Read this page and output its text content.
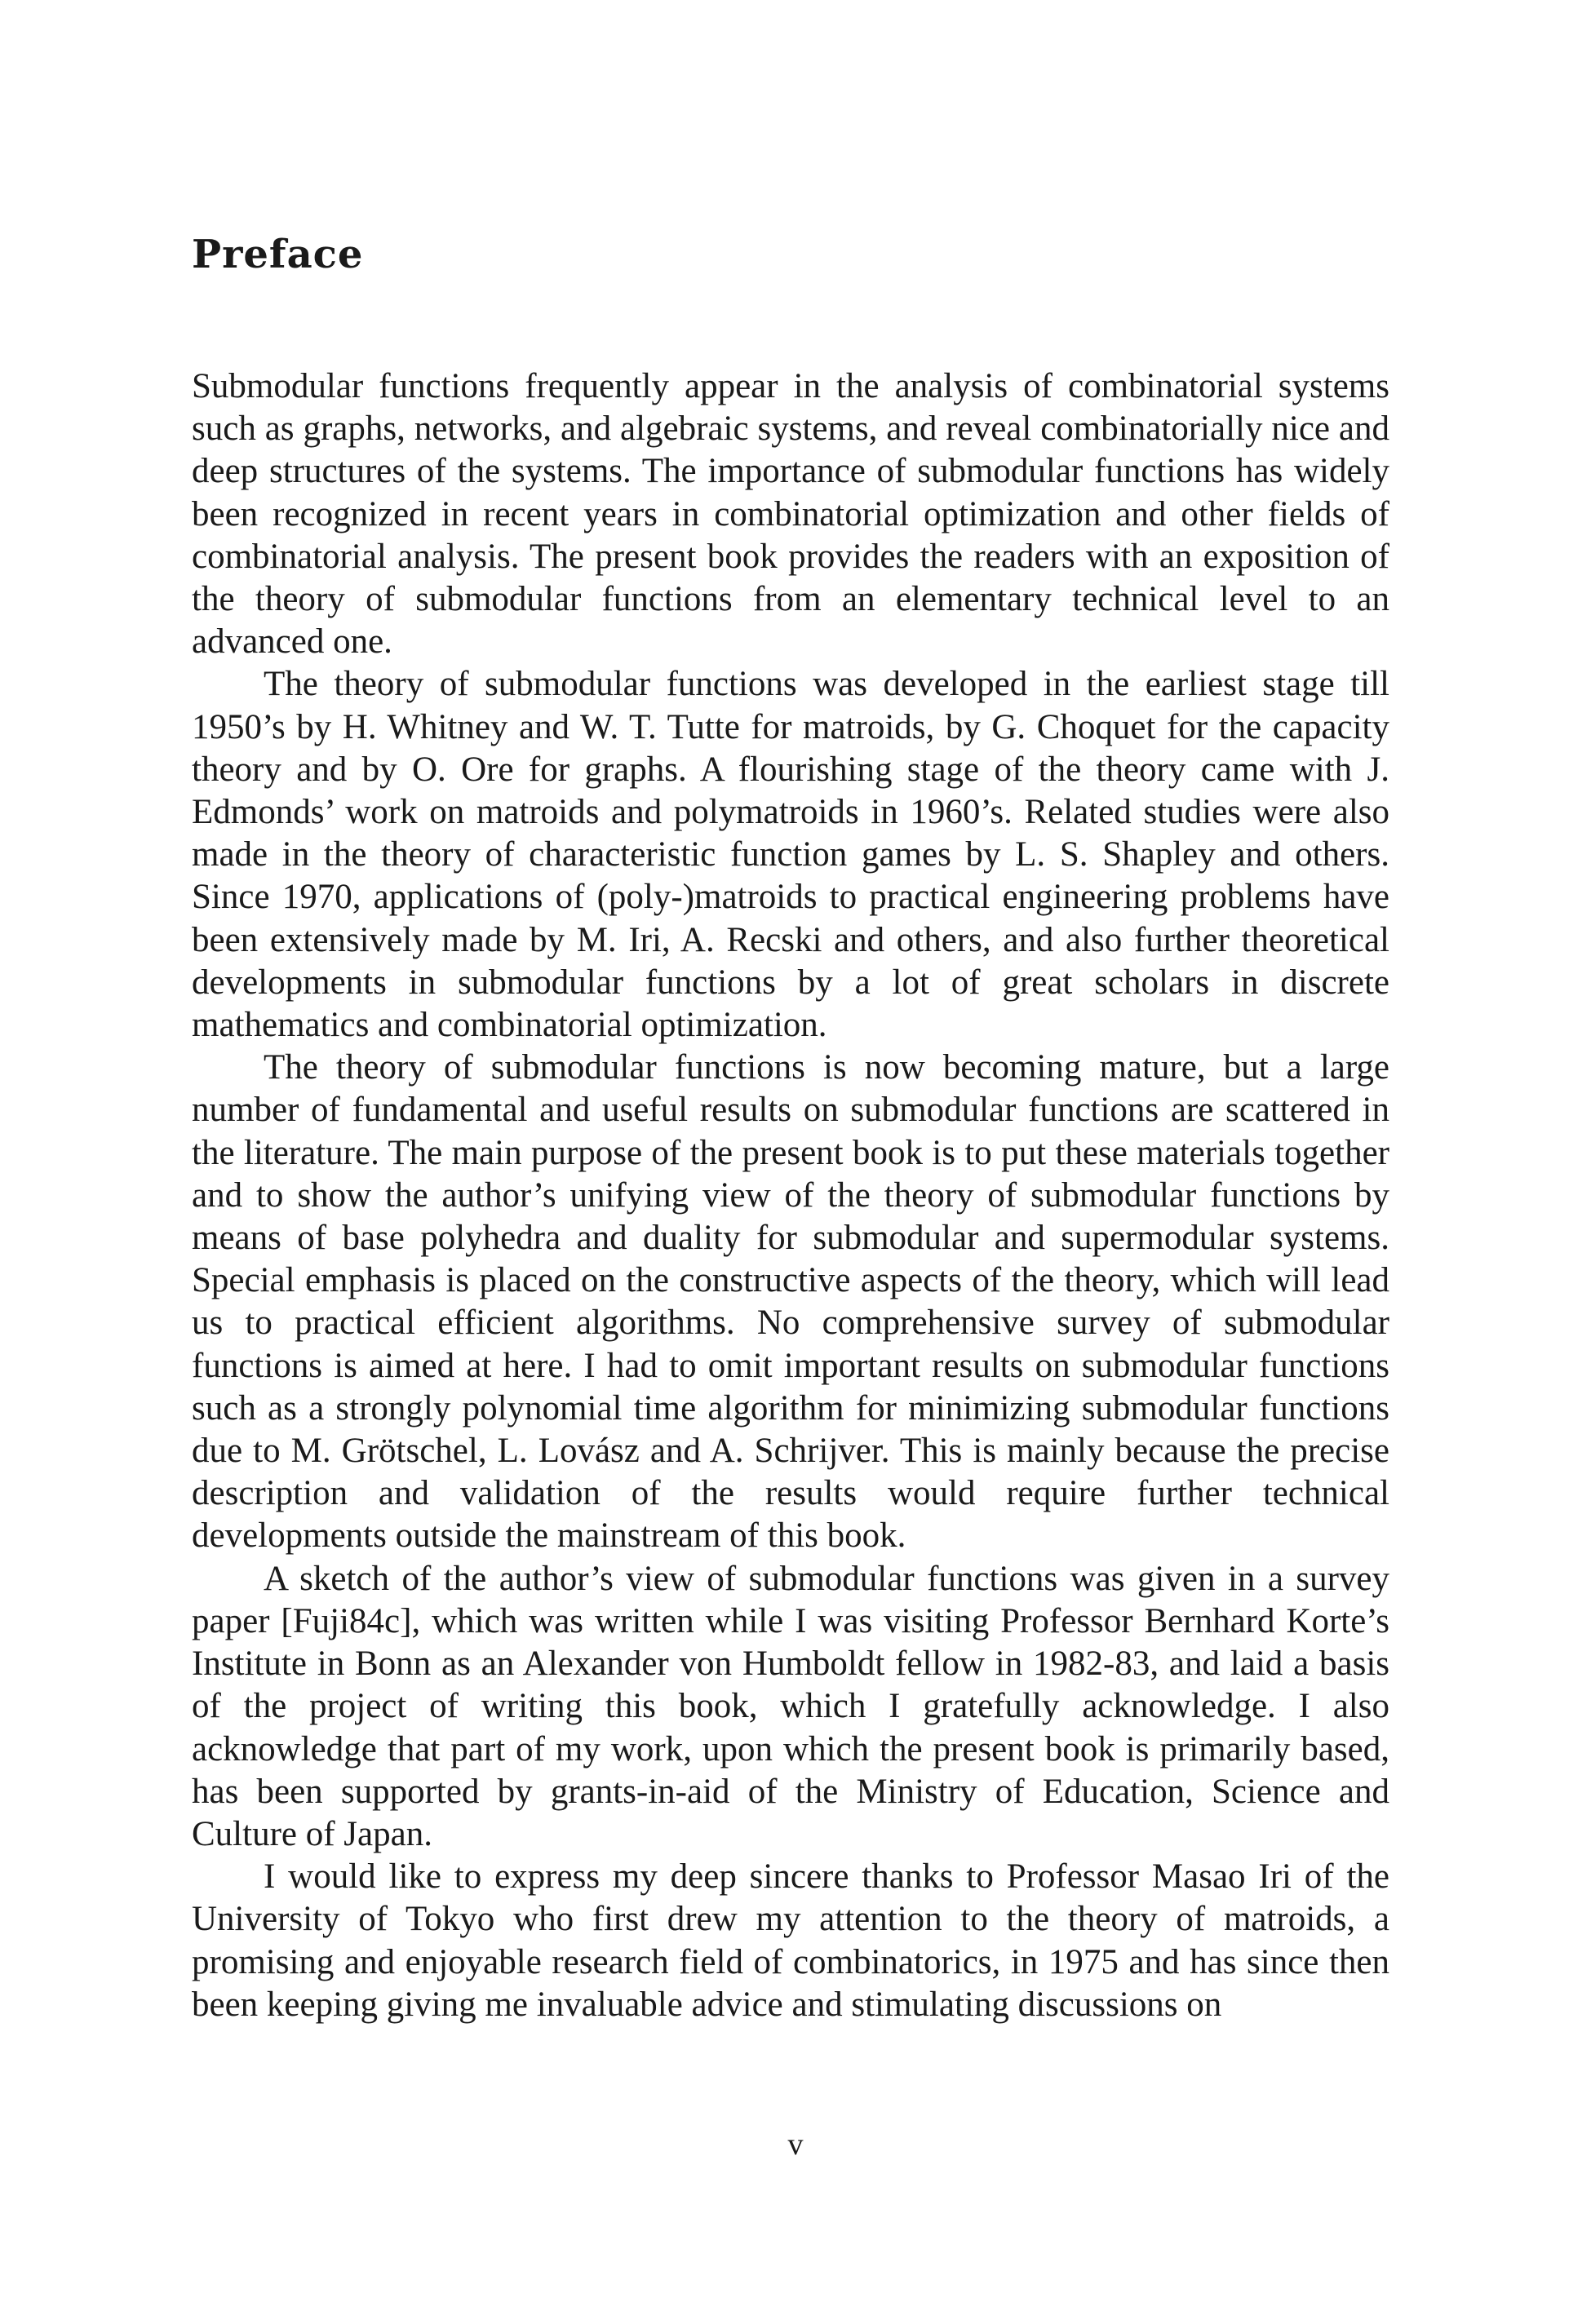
Preface

Submodular functions frequently appear in the analysis of combinatorial systems such as graphs, networks, and algebraic systems, and reveal combinatorially nice and deep structures of the systems. The importance of submodular functions has widely been recognized in recent years in combinatorial optimization and other fields of combinatorial analysis. The present book provides the readers with an exposition of the theory of submodular functions from an elementary technical level to an advanced one.

The theory of submodular functions was developed in the earliest stage till 1950’s by H. Whitney and W. T. Tutte for matroids, by G. Choquet for the capacity theory and by O. Ore for graphs. A flourishing stage of the theory came with J. Edmonds’ work on matroids and polymatroids in 1960’s. Related studies were also made in the theory of characteristic function games by L. S. Shapley and others. Since 1970, applications of (poly-)matroids to practical engineering problems have been extensively made by M. Iri, A. Recski and others, and also further theoretical developments in submodular functions by a lot of great scholars in discrete mathematics and combinatorial optimization.

The theory of submodular functions is now becoming mature, but a large number of fundamental and useful results on submodular functions are scattered in the literature. The main purpose of the present book is to put these materials together and to show the author’s unifying view of the theory of submodular functions by means of base polyhedra and duality for submodular and supermodular systems. Special emphasis is placed on the constructive aspects of the theory, which will lead us to practical efficient algorithms. No comprehensive survey of submodular functions is aimed at here. I had to omit important results on submodular functions such as a strongly polynomial time algorithm for minimizing submodular functions due to M. Grötschel, L. Lovász and A. Schrijver. This is mainly because the precise description and validation of the results would require further technical developments outside the mainstream of this book.

A sketch of the author’s view of submodular functions was given in a survey paper [Fuji84c], which was written while I was visiting Professor Bernhard Korte’s Institute in Bonn as an Alexander von Humboldt fellow in 1982-83, and laid a basis of the project of writing this book, which I gratefully acknowledge. I also acknowledge that part of my work, upon which the present book is primarily based, has been supported by grants-in-aid of the Ministry of Education, Science and Culture of Japan.

I would like to express my deep sincere thanks to Professor Masao Iri of the University of Tokyo who first drew my attention to the theory of matroids, a promising and enjoyable research field of combinatorics, in 1975 and has since then been keeping giving me invaluable advice and stimulating discussions on

v
